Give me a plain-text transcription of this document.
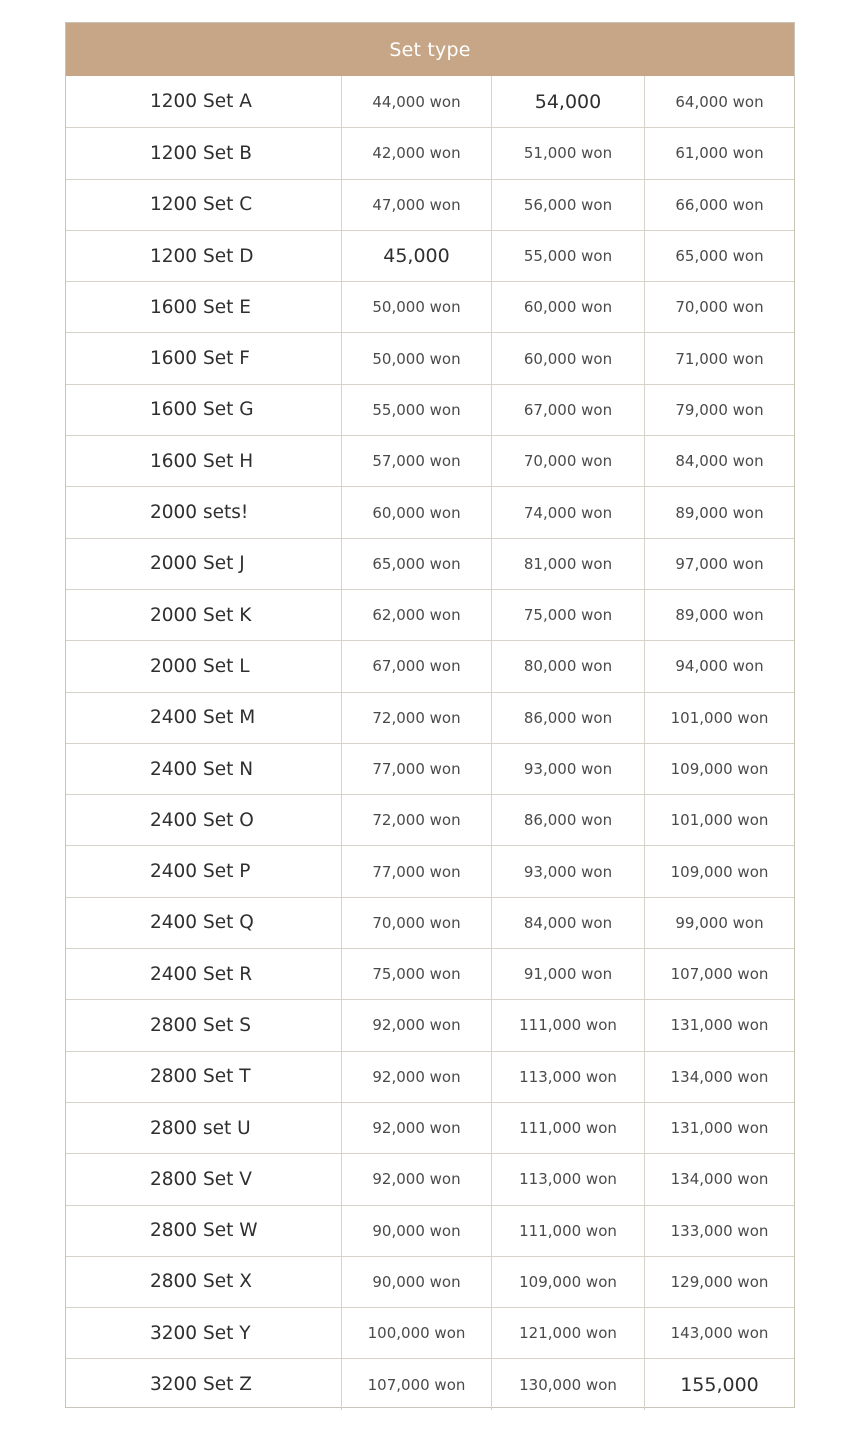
Set type
1200 Set A	44,000 won	54,000	64,000 won
1200 Set B	42,000 won	51,000 won	61,000 won
1200 Set C	47,000 won	56,000 won	66,000 won
1200 Set D	45,000	55,000 won	65,000 won
1600 Set E	50,000 won	60,000 won	70,000 won
1600 Set F	50,000 won	60,000 won	71,000 won
1600 Set G	55,000 won	67,000 won	79,000 won
1600 Set H	57,000 won	70,000 won	84,000 won
2000 sets!	60,000 won	74,000 won	89,000 won
2000 Set J	65,000 won	81,000 won	97,000 won
2000 Set K	62,000 won	75,000 won	89,000 won
2000 Set L	67,000 won	80,000 won	94,000 won
2400 Set M	72,000 won	86,000 won	101,000 won
2400 Set N	77,000 won	93,000 won	109,000 won
2400 Set O	72,000 won	86,000 won	101,000 won
2400 Set P	77,000 won	93,000 won	109,000 won
2400 Set Q	70,000 won	84,000 won	99,000 won
2400 Set R	75,000 won	91,000 won	107,000 won
2800 Set S	92,000 won	111,000 won	131,000 won
2800 Set T	92,000 won	113,000 won	134,000 won
2800 set U	92,000 won	111,000 won	131,000 won
2800 Set V	92,000 won	113,000 won	134,000 won
2800 Set W	90,000 won	111,000 won	133,000 won
2800 Set X	90,000 won	109,000 won	129,000 won
3200 Set Y	100,000 won	121,000 won	143,000 won
3200 Set Z	107,000 won	130,000 won	155,000
